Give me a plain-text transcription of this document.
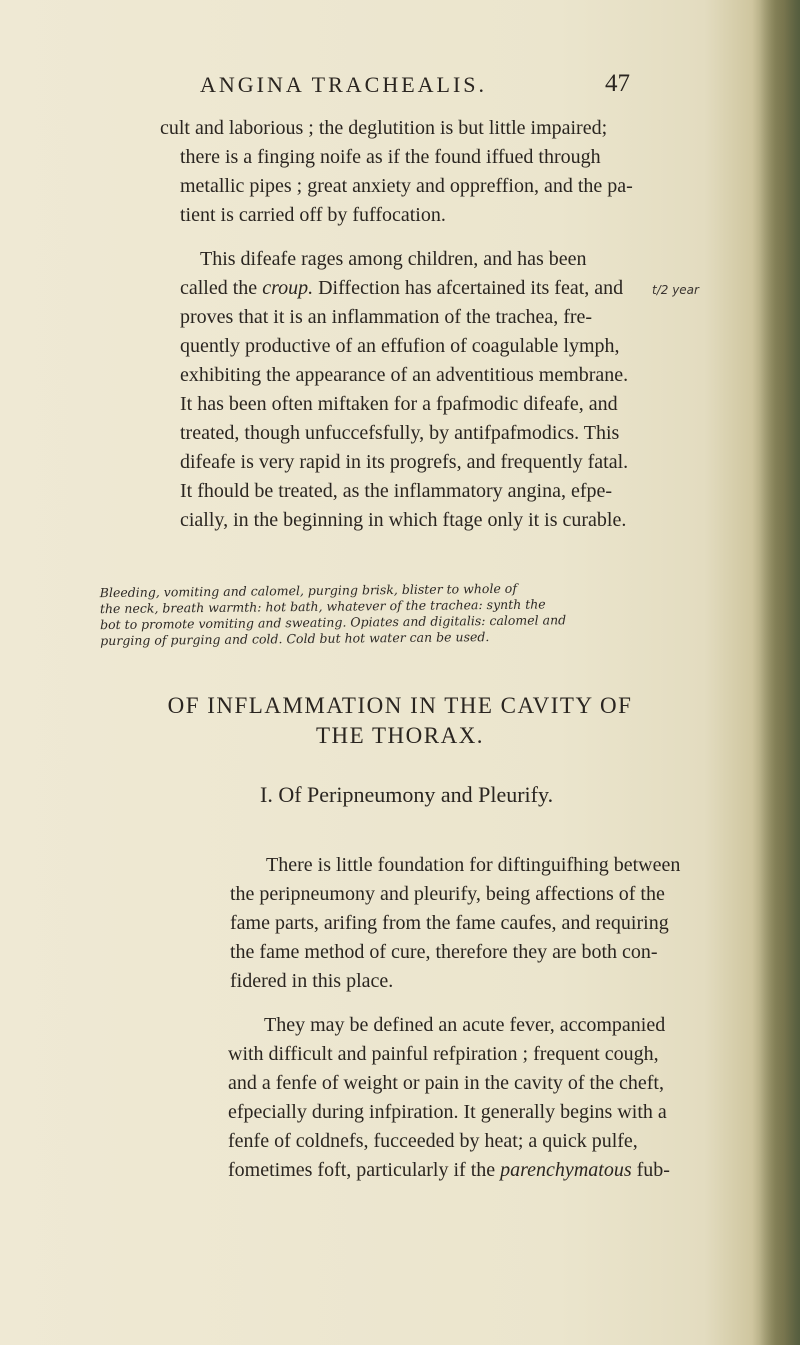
ANGINA TRACHEALIS.	47
cult and laborious ; the deglutition is but little impaired;
there is a finging noife as if the found iffued through
metallic pipes ; great anxiety and oppreffion, and the pa-
tient is carried off by fuffocation.
This difeafe rages among children, and has been
called the croup. Diffection has afcertained its feat, and
proves that it is an inflammation of the trachea, fre-
quently productive of an effufion of coagulable lymph,
exhibiting the appearance of an adventitious membrane.
It has been often miftaken for a fpafmodic difeafe, and
treated, though unfuccefsfully, by antifpafmodics. This
difeafe is very rapid in its progrefs, and frequently fatal.
It fhould be treated, as the inflammatory angina, efpe-
cially, in the beginning in which ftage only it is curable.
t/2 year
Bleeding, vomiting and calomel, purging brisk, blister to whole of
the neck, breath warmth: hot bath, whatever of the trachea: synth the
bot to promote vomiting and sweating. Opiates and digitalis: calomel and
purging of purging and cold. Cold but hot water can be used.
OF INFLAMMATION IN THE CAVITY OF
THE THORAX.
I. Of Peripneumony and Pleurify.
There is little foundation for diftinguifhing between
the peripneumony and pleurify, being affections of the
fame parts, arifing from the fame caufes, and requiring
the fame method of cure, therefore they are both con-
fidered in this place.
They may be defined an acute fever, accompanied
with difficult and painful refpiration ; frequent cough,
and a fenfe of weight or pain in the cavity of the cheft,
efpecially during infpiration. It generally begins with a
fenfe of coldnefs, fucceeded by heat; a quick pulfe,
fometimes foft, particularly if the parenchymatous fub-
